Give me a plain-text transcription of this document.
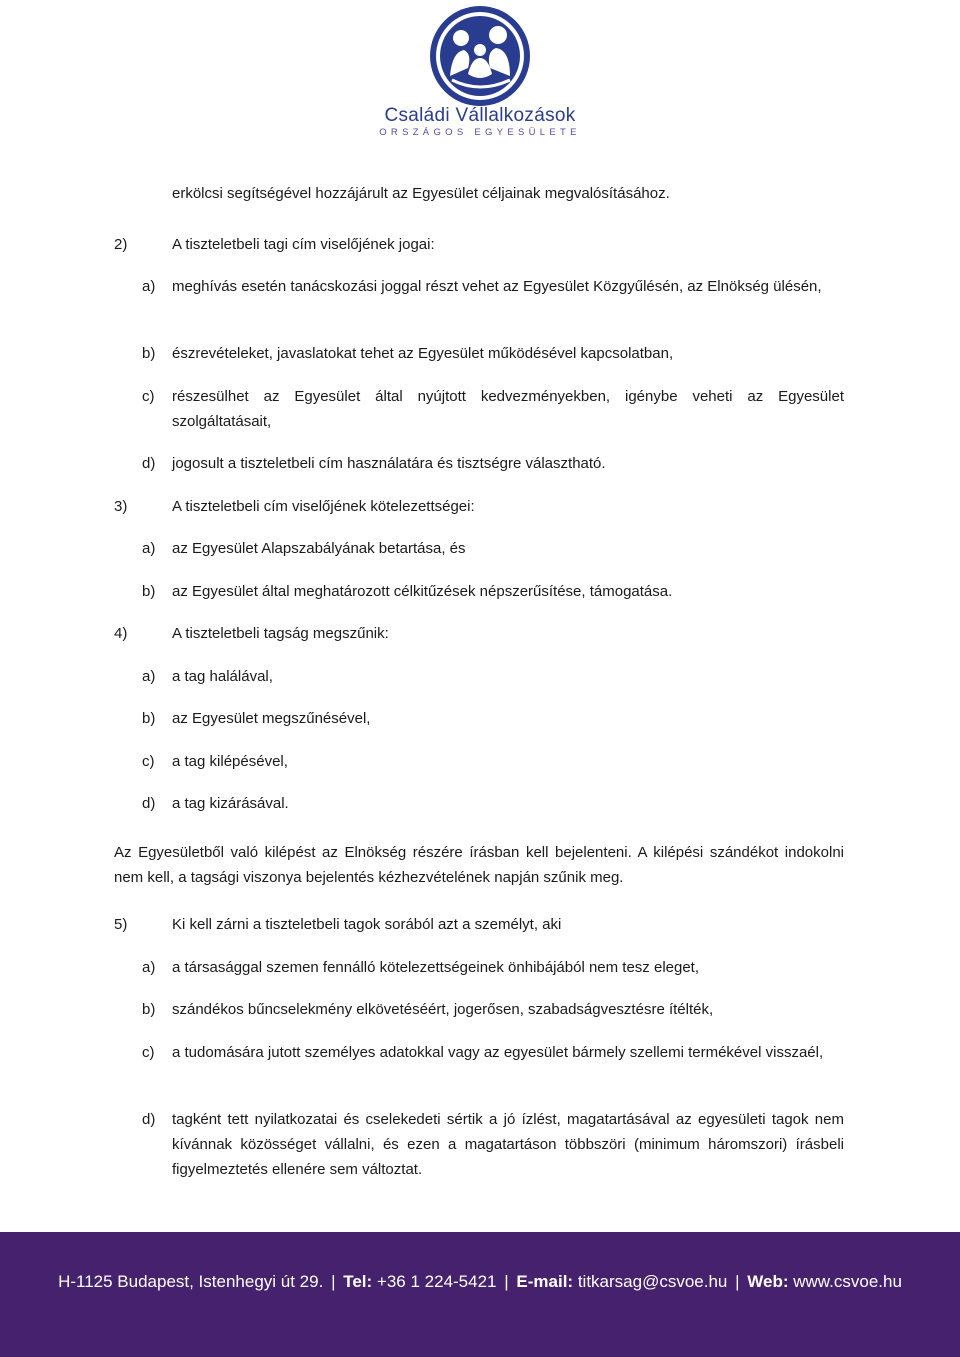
Családi Vállalkozások
ORSZÁGOS EGYESÜLETE

erkölcsi segítségével hozzájárult az Egyesület céljainak megvalósításához.

2)	A tiszteletbeli tagi cím viselőjének jogai:

a) meghívás esetén tanácskozási joggal részt vehet az Egyesület Közgyűlésén, az Elnökség ülésén,

b) észrevételeket, javaslatokat tehet az Egyesület működésével kapcsolatban,

c) részesülhet az Egyesület által nyújtott kedvezményekben, igénybe veheti az Egyesület szolgáltatásait,

d) jogosult a tiszteletbeli cím használatára és tisztségre választható.

3)	A tiszteletbeli cím viselőjének kötelezettségei:

a) az Egyesület Alapszabályának betartása, és

b) az Egyesület által meghatározott célkitűzések népszerűsítése, támogatása.

4)	A tiszteletbeli tagság megszűnik:

a) a tag halálával,

b) az Egyesület megszűnésével,

c) a tag kilépésével,

d) a tag kizárásával.

Az Egyesületből való kilépést az Elnökség részére írásban kell bejelenteni. A kilépési szándékot indokolni nem kell, a tagsági viszonya bejelentés kézhezvételének napján szűnik meg.

5)	Ki kell zárni a tiszteletbeli tagok sorából azt a személyt, aki

a) a társasággal szemen fennálló kötelezettségeinek önhibájából nem tesz eleget,

b) szándékos bűncselekmény elkövetéséért, jogerősen, szabadságvesztésre ítélték,

c) a tudomására jutott személyes adatokkal vagy az egyesület bármely szellemi termékével visszaél,

d) tagként tett nyilatkozatai és cselekedeti sértik a jó ízlést, magatartásával az egyesületi tagok nem kívánnak közösséget vállalni, és ezen a magatartáson többszöri (minimum háromszori) írásbeli figyelmeztetés ellenére sem változtat.

H-1125 Budapest, Istenhegyi út 29. | Tel: +36 1 224-5421 | E-mail: titkarsag@csvoe.hu | Web: www.csvoe.hu
